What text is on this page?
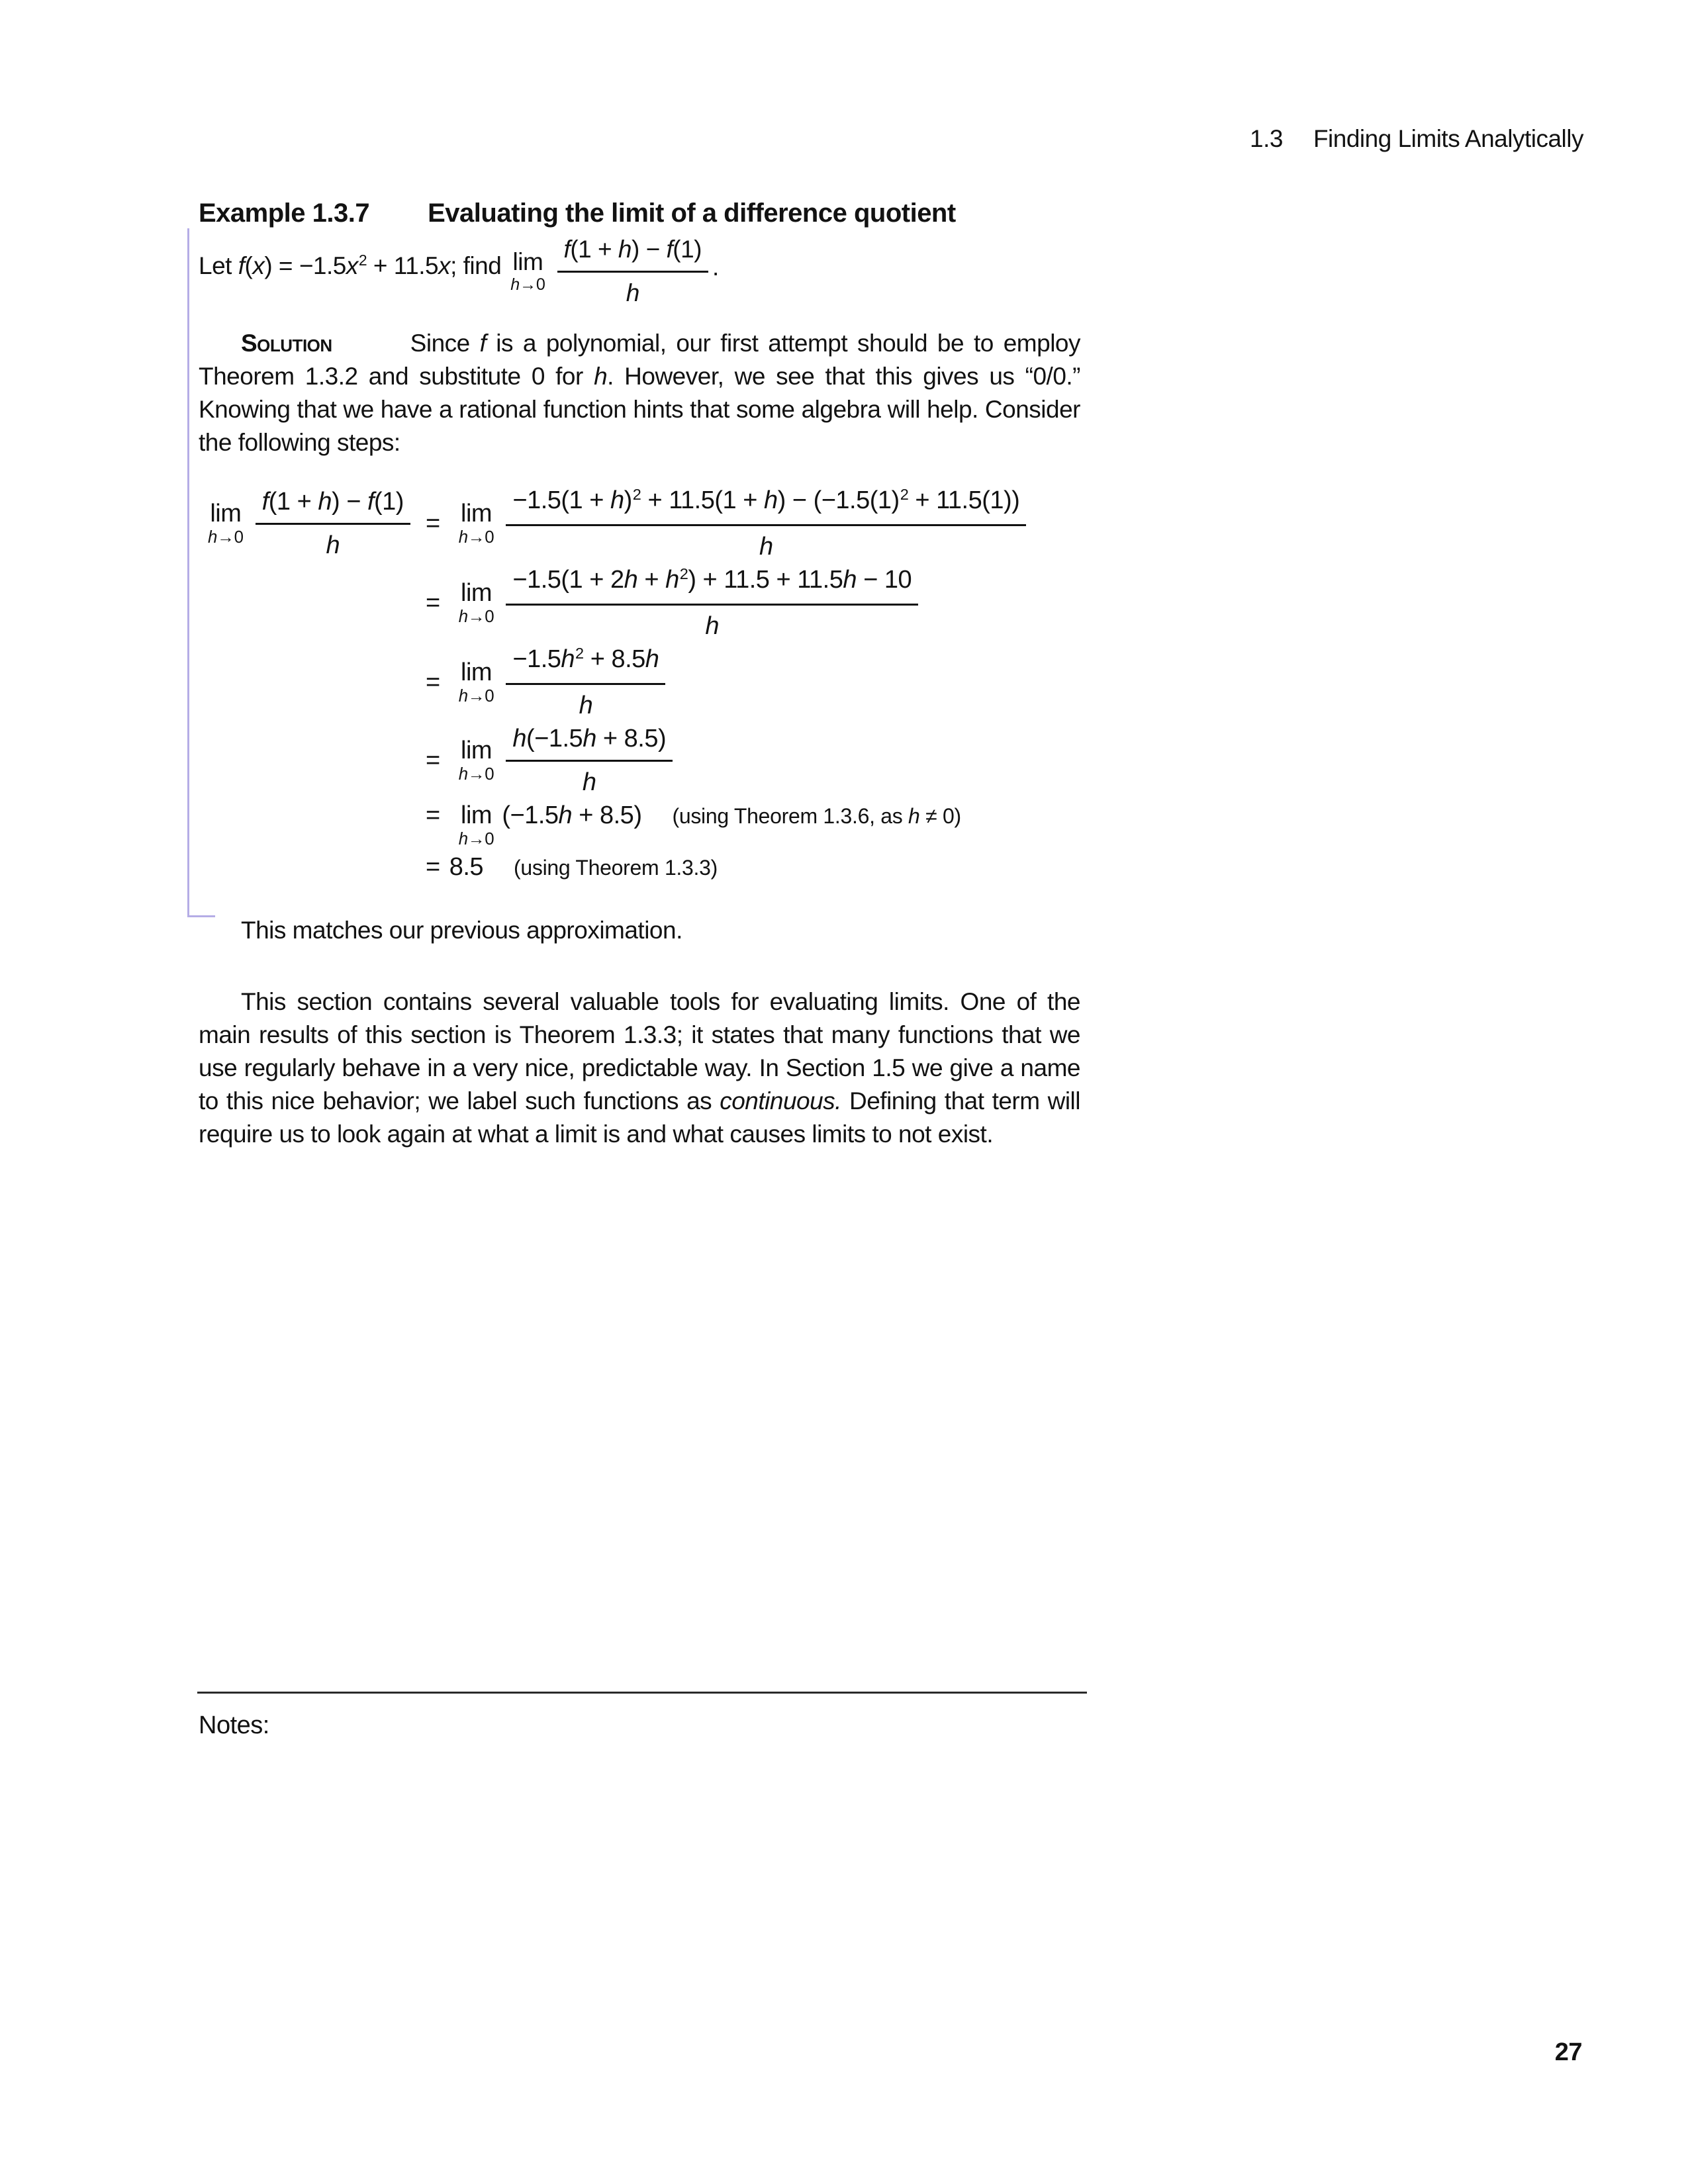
1.3 Finding Limits Analytically
Example 1.3.7 Evaluating the limit of a difference quotient
Let $f(x) = -1.5x^2 + 11.5x$; find lim
$h\to 0 \frac{f(1 + h) - f(1)}{h}$ .

Solution	Since f is a polynomial, our first attempt should be to employ Theorem 1.3.2 and substitute 0 for h. However, we see that this gives us “0/0.” Knowing that we have a rational function hints that some algebra will help. Consider the following steps:

lim
$h\to 0 \frac{f(1 + h) - f(1)}{h} = \lim$
$h\to 0 \frac{-1.5(1 + h)^2 + 11.5(1 + h) - (-1.5(1)^2 + 11.5(1))}{h}$
= lim
$h\to 0 \frac{-1.5(1 + 2h + h^2) + 11.5 + 11.5h - 10}{h}$
= lim
$h\to 0 \frac{-1.5h^2 + 8.5h}{h}$
= lim
$h\to 0 \frac{h(-1.5h + 8.5)}{h}$
= lim
h→0
(−1.5h + 8.5) (using Theorem 1.3.6, as h ≠ 0)
= 8.5 (using Theorem 1.3.3)

This matches our previous approximation.

This section contains several valuable tools for evaluating limits. One of the main results of this section is Theorem 1.3.3; it states that many functions that we use regularly behave in a very nice, predictable way. In Section 1.5 we give a name to this nice behavior; we label such functions as continuous. Defining that term will require us to look again at what a limit is and what causes limits to not exist.

Notes:
27
